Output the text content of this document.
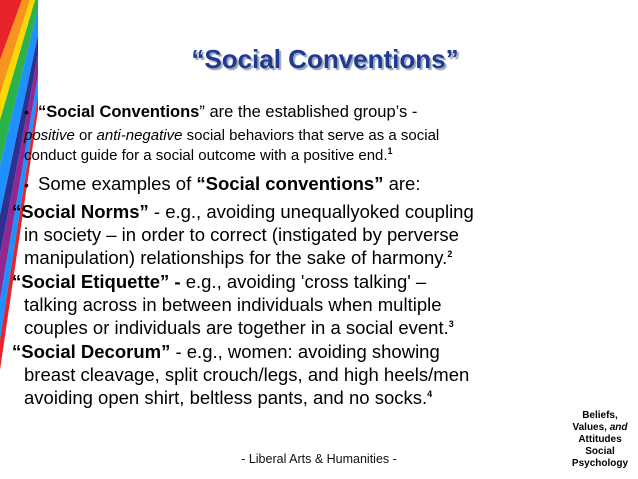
“Social Conventions”
• “Social Conventions” are the established group’s -
positive or anti-negative social behaviors that serve as a social
conduct guide for a social outcome with a positive end.$^1$
• Some examples of “Social conventions” are:
“Social Norms” - e.g., avoiding unequallyoked coupling
in society – in order to correct (instigated by perverse
manipulation) relationships for the sake of harmony.$^2$
“Social Etiquette” - e.g., avoiding 'cross talking' –
talking across in between individuals when multiple
couples or individuals are together in a social event.$^3$
“Social Decorum” - e.g., women: avoiding showing
breast cleavage, split crouch/legs, and high heels/men
avoiding open shirt, beltless pants, and no socks.$^4$
- Liberal Arts & Humanities -
Beliefs,
Values, and
Attitudes
Social
Psychology
